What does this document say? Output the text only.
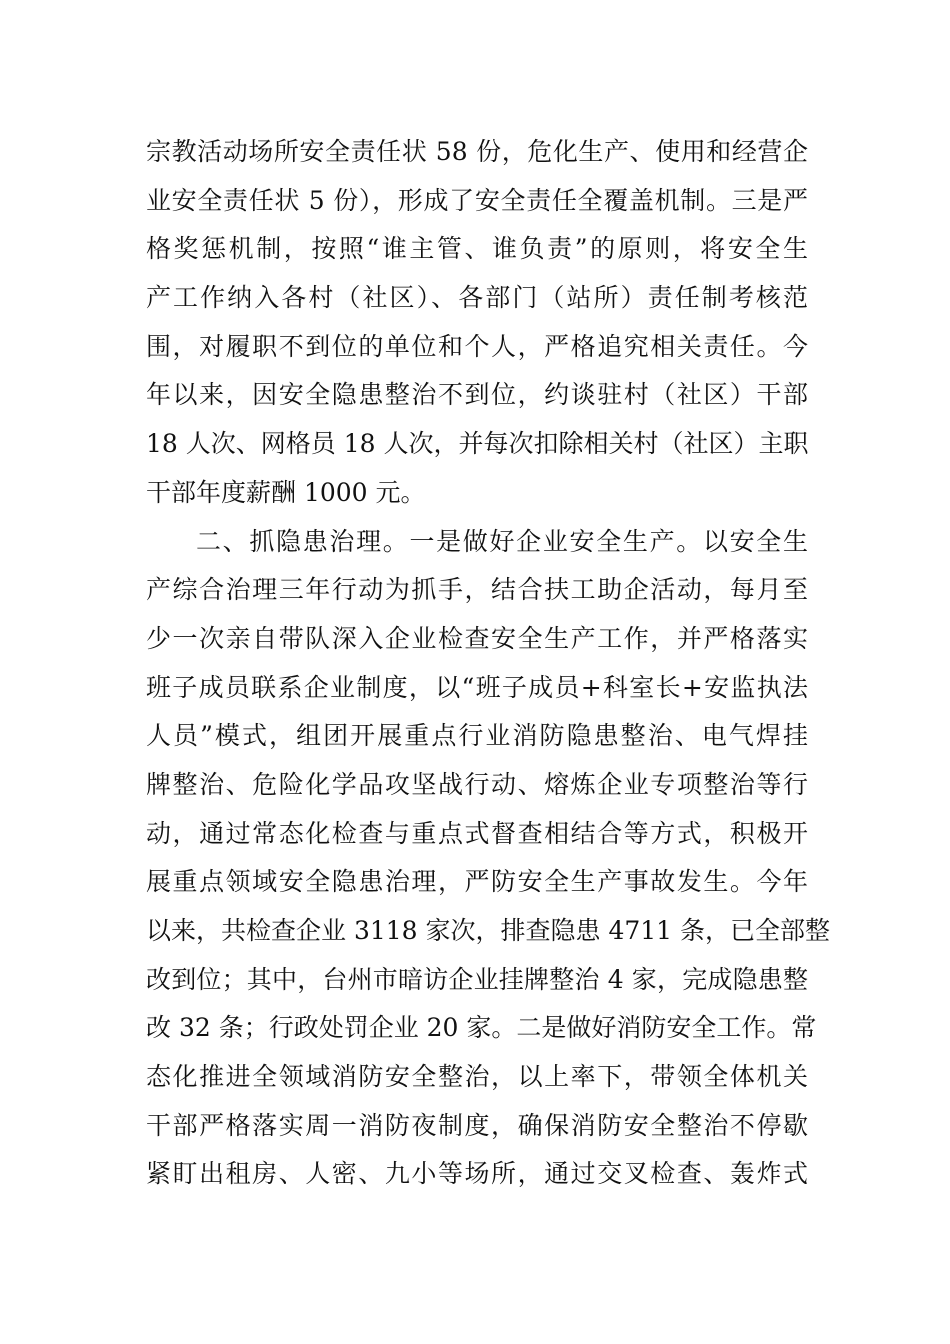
宗教活动场所安全责任状 58 份，危化生产、使用和经营企
业安全责任状 5 份），形成了安全责任全覆盖机制。三是严
格奖惩机制，按照“谁主管、谁负责”的原则，将安全生
产工作纳入各村（社区）、各部门（站所）责任制考核范
围，对履职不到位的单位和个人，严格追究相关责任。今
年以来，因安全隐患整治不到位，约谈驻村（社区）干部
18 人次、网格员 18 人次，并每次扣除相关村（社区）主职
干部年度薪酬 1000 元。
二、抓隐患治理。一是做好企业安全生产。以安全生
产综合治理三年行动为抓手，结合扶工助企活动，每月至
少一次亲自带队深入企业检查安全生产工作，并严格落实
班子成员联系企业制度，以“班子成员+科室长+安监执法
人员”模式，组团开展重点行业消防隐患整治、电气焊挂
牌整治、危险化学品攻坚战行动、熔炼企业专项整治等行
动，通过常态化检查与重点式督查相结合等方式，积极开
展重点领域安全隐患治理，严防安全生产事故发生。今年
以来，共检查企业 3118 家次，排查隐患 4711 条，已全部整
改到位；其中，台州市暗访企业挂牌整治 4 家，完成隐患整
改 32 条；行政处罚企业 20 家。二是做好消防安全工作。常
态化推进全领域消防安全整治，以上率下，带领全体机关
干部严格落实周一消防夜制度，确保消防安全整治不停歇
紧盯出租房、人密、九小等场所，通过交叉检查、轰炸式
